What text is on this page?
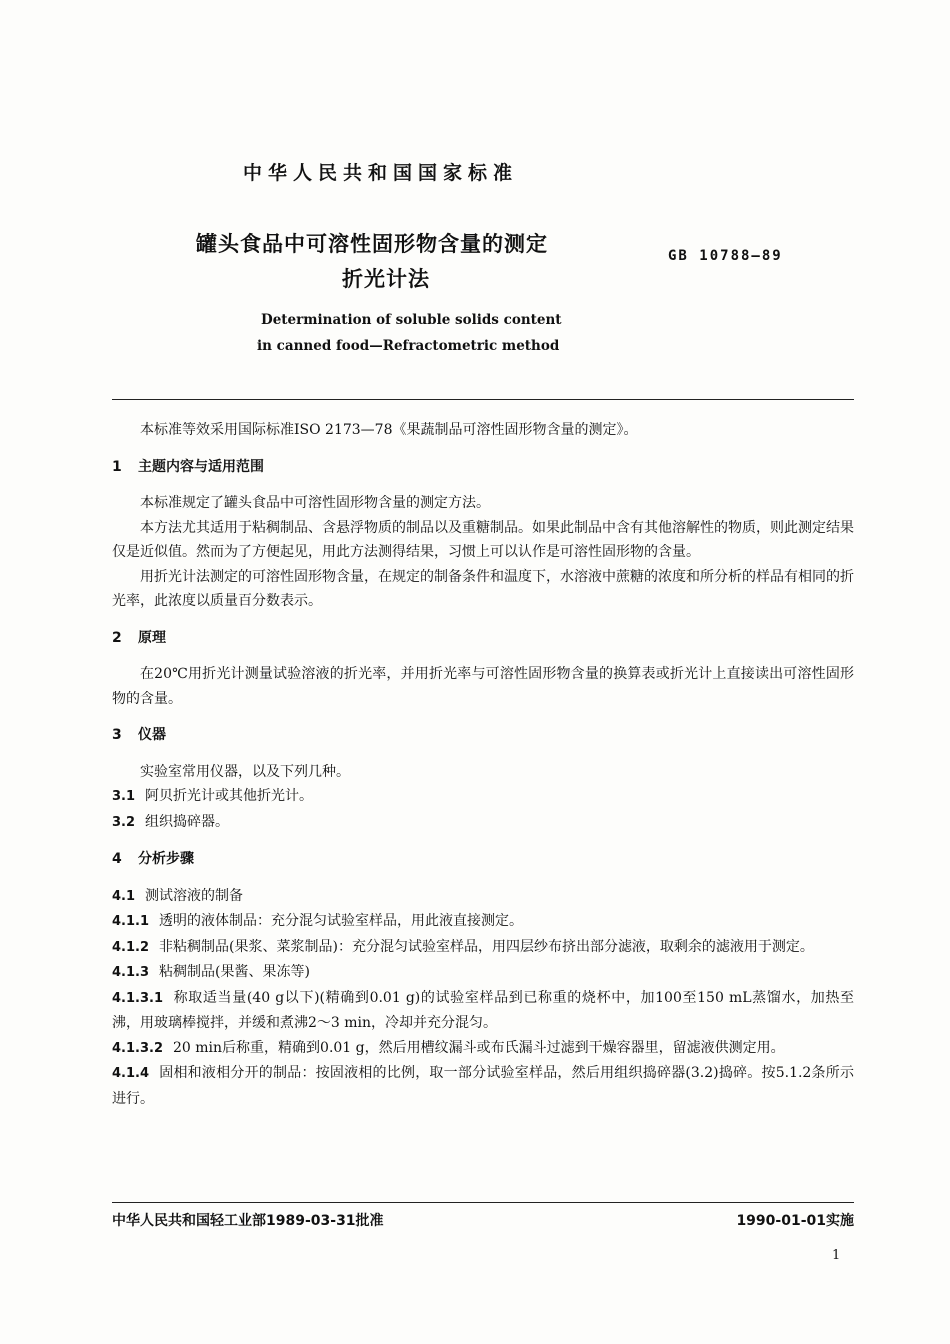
中华人民共和国国家标准
罐头食品中可溶性固形物含量的测定
折光计法
GB 10788—89
Determination of soluble solids content
in canned food—Refractometric method

本标准等效采用国际标准ISO 2173—78《果蔬制品可溶性固形物含量的测定》。

1 主题内容与适用范围

本标准规定了罐头食品中可溶性固形物含量的测定方法。

本方法尤其适用于粘稠制品、含悬浮物质的制品以及重糖制品。如果此制品中含有其他溶解性的物质，则此测定结果仅是近似值。然而为了方便起见，用此方法测得结果，习惯上可以认作是可溶性固形物的含量。

用折光计法测定的可溶性固形物含量，在规定的制备条件和温度下，水溶液中蔗糖的浓度和所分析的样品有相同的折光率，此浓度以质量百分数表示。

2 原理

在20℃用折光计测量试验溶液的折光率，并用折光率与可溶性固形物含量的换算表或折光计上直接读出可溶性固形物的含量。

3 仪器

实验室常用仪器，以及下列几种。

3.1 阿贝折光计或其他折光计。

3.2 组织捣碎器。

4 分析步骤

4.1 测试溶液的制备

4.1.1 透明的液体制品：充分混匀试验室样品，用此液直接测定。

4.1.2 非粘稠制品(果浆、菜浆制品)：充分混匀试验室样品，用四层纱布挤出部分滤液，取剩余的滤液用于测定。

4.1.3 粘稠制品(果酱、果冻等)

4.1.3.1 称取适当量(40 g以下)(精确到0.01 g)的试验室样品到已称重的烧杯中，加100至150 mL蒸馏水，加热至沸，用玻璃棒搅拌，并缓和煮沸2～3 min，冷却并充分混匀。

4.1.3.2 20 min后称重，精确到0.01 g，然后用槽纹漏斗或布氏漏斗过滤到干燥容器里，留滤液供测定用。

4.1.4 固相和液相分开的制品：按固液相的比例，取一部分试验室样品，然后用组织捣碎器(3.2)捣碎。按5.1.2条所示进行。

中华人民共和国轻工业部1989-03-31批准	1990-01-01实施
1
